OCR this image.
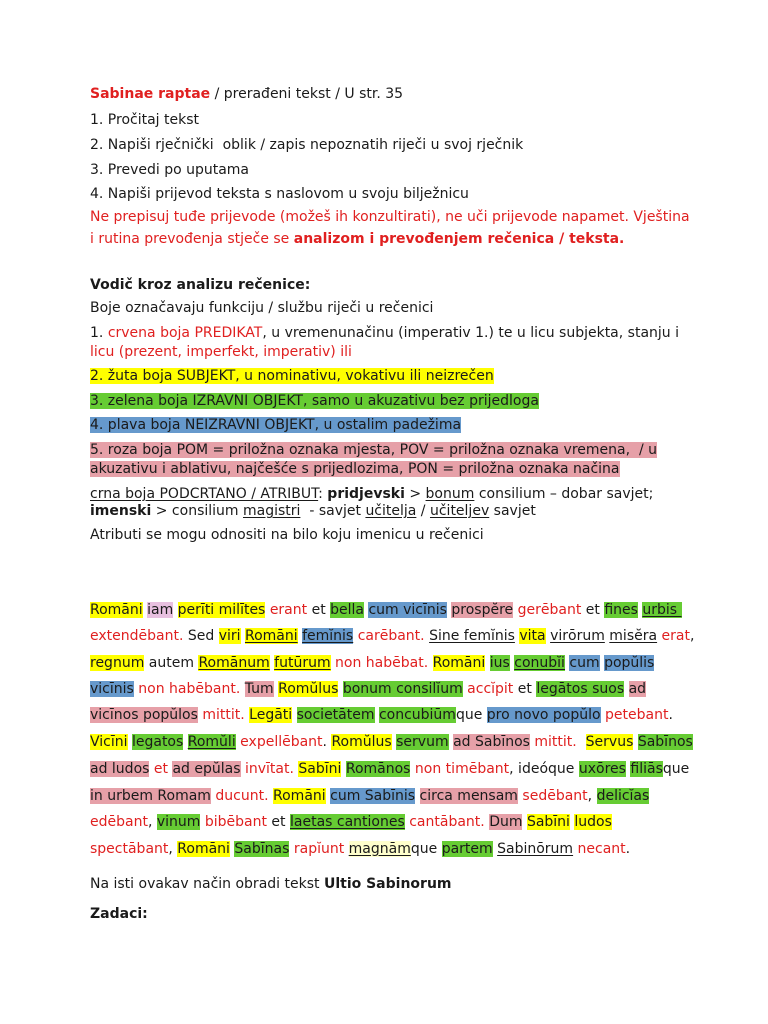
Sabinae raptae / prerađeni tekst / U str. 35
1. Pročitaj tekst
2. Napiši rječnički  oblik / zapis nepoznatih riječi u svoj rječnik
3. Prevedi po uputama
4. Napiši prijevod teksta s naslovom u svoju bilježnicu
Ne prepisuj tuđe prijevode (možeš ih konzultirati), ne uči prijevode napamet. Vještina
i rutina prevođenja stječe se analizom i prevođenjem rečenica / teksta.
Vodič kroz analizu rečenice:
Boje označavaju funkciju / službu riječi u rečenici
1. crvena boja PREDIKAT, u vremenunačinu (imperativ 1.) te u licu subjekta, stanju i
licu (prezent, imperfekt, imperativ) ili
2. žuta boja SUBJEKT, u nominativu, vokativu ili neizrečen
3. zelena boja IZRAVNI OBJEKT, samo u akuzativu bez prijedloga
4. plava boja NEIZRAVNI OBJEKT, u ostalim padežima
5. roza boja POM = priložna oznaka mjesta, POV = priložna oznaka vremena,  / u
akuzativu i ablativu, najčešće s prijedlozima, PON = priložna oznaka načina
crna boja PODCRTANO / ATRIBUT: pridjevski > bonum consilium – dobar savjet;
imenski > consilium magistri  - savjet učitelja / učiteljev savjet
Atributi se mogu odnositi na bilo koju imenicu u rečenici
Romāni iam perīti milītes erant et bella cum vicīnis prospĕre gerēbant et fines urbis
extendēbant. Sed viri Romāni femĭnis carēbant. Sine femĭnis vita virōrum misĕra erat,
regnum autem Romānum futūrum non habēbat. Romāni ius conubĭi cum popŭlis
vicīnis non habēbant. Tum Romŭlus bonum consilĭum accĭpit et legātos suos ad
vicīnos popŭlos mittit. Legāti societātem concubiūmque pro novo popŭlo petebant.
Vicīni legatos Romŭli expellēbant. Romŭlus servum ad Sabīnos mittit. Servus Sabīnos
ad ludos et ad epŭlas invītat. Sabīni Romānos non timēbant, ideóque uxōres filiāsque
in urbem Romam ducunt. Romāni cum Sabīnis circa mensam sedēbant, delicĭas
edēbant, vinum bibēbant et laetas cantiones cantābant. Dum Sabīni ludos
spectābant, Romāni Sabīnas rapĭunt magnāmque partem Sabinōrum necant.
Na isti ovakav način obradi tekst Ultio Sabinorum
Zadaci:
